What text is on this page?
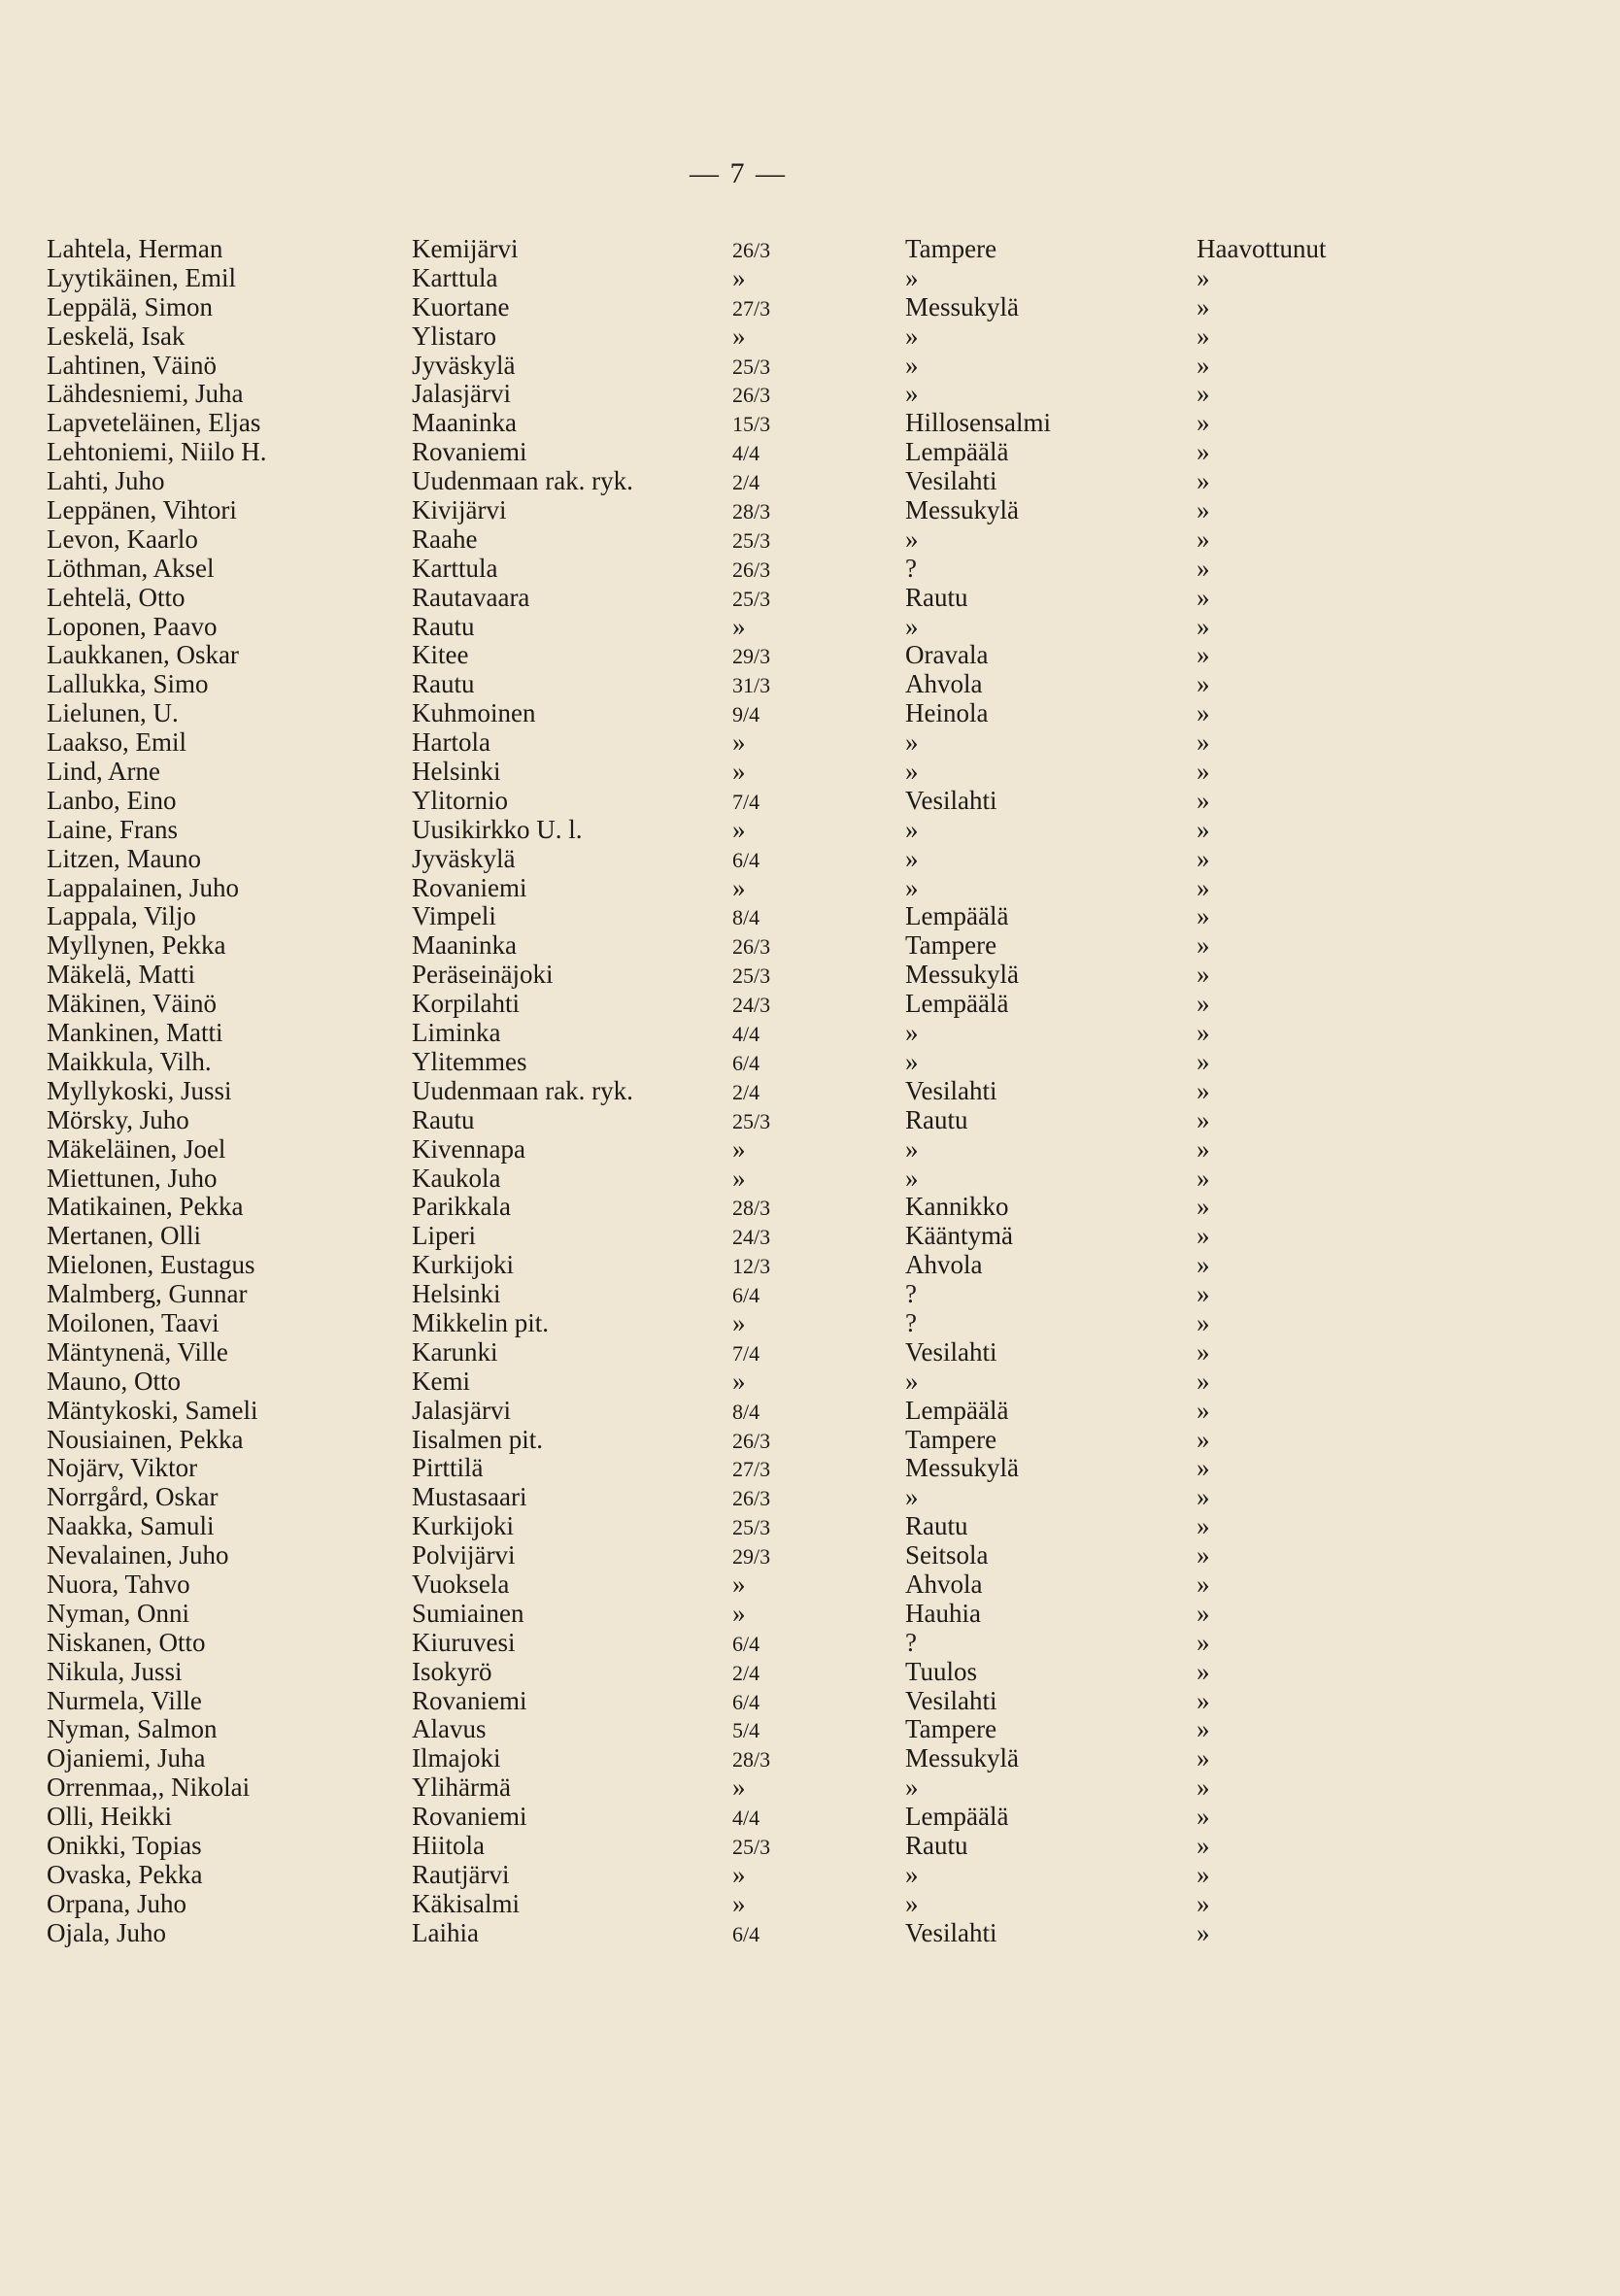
— 7 —
Lahtela, Herman	Kemijärvi	26/3	Tampere	Haavottunut
Lyytikäinen, Emil	Karttula	»	»	»
Leppälä, Simon	Kuortane	27/3	Messukylä	»
Leskelä, Isak	Ylistaro	»	»	»
Lahtinen, Väinö	Jyväskylä	25/3	»	»
Lähdesniemi, Juha	Jalasjärvi	26/3	»	»
Lapveteläinen, Eljas	Maaninka	15/3	Hillosensalmi	»
Lehtoniemi, Niilo H.	Rovaniemi	4/4	Lempäälä	»
Lahti, Juho	Uudenmaan rak. ryk.	2/4	Vesilahti	»
Leppänen, Vihtori	Kivijärvi	28/3	Messukylä	»
Levon, Kaarlo	Raahe	25/3	»	»
Löthman, Aksel	Karttula	26/3	?	»
Lehtelä, Otto	Rautavaara	25/3	Rautu	»
Loponen, Paavo	Rautu	»	»	»
Laukkanen, Oskar	Kitee	29/3	Oravala	»
Lallukka, Simo	Rautu	31/3	Ahvola	»
Lielunen, U.	Kuhmoinen	9/4	Heinola	»
Laakso, Emil	Hartola	»	»	»
Lind, Arne	Helsinki	»	»	»
Lanbo, Eino	Ylitornio	7/4	Vesilahti	»
Laine, Frans	Uusikirkko U. l.	»	»	»
Litzen, Mauno	Jyväskylä	6/4	»	»
Lappalainen, Juho	Rovaniemi	»	»	»
Lappala, Viljo	Vimpeli	8/4	Lempäälä	»
Myllynen, Pekka	Maaninka	26/3	Tampere	»
Mäkelä, Matti	Peräseinäjoki	25/3	Messukylä	»
Mäkinen, Väinö	Korpilahti	24/3	Lempäälä	»
Mankinen, Matti	Liminka	4/4	»	»
Maikkula, Vilh.	Ylitemmes	6/4	»	»
Myllykoski, Jussi	Uudenmaan rak. ryk.	2/4	Vesilahti	»
Mörsky, Juho	Rautu	25/3	Rautu	»
Mäkeläinen, Joel	Kivennapa	»	»	»
Miettunen, Juho	Kaukola	»	»	»
Matikainen, Pekka	Parikkala	28/3	Kannikko	»
Mertanen, Olli	Liperi	24/3	Kääntymä	»
Mielonen, Eustagus	Kurkijoki	12/3	Ahvola	»
Malmberg, Gunnar	Helsinki	6/4	?	»
Moilonen, Taavi	Mikkelin pit.	»	?	»
Mäntynenä, Ville	Karunki	7/4	Vesilahti	»
Mauno, Otto	Kemi	»	»	»
Mäntykoski, Sameli	Jalasjärvi	8/4	Lempäälä	»
Nousiainen, Pekka	Iisalmen pit.	26/3	Tampere	»
Nojärv, Viktor	Pirttilä	27/3	Messukylä	»
Norrgård, Oskar	Mustasaari	26/3	»	»
Naakka, Samuli	Kurkijoki	25/3	Rautu	»
Nevalainen, Juho	Polvijärvi	29/3	Seitsola	»
Nuora, Tahvo	Vuoksela	»	Ahvola	»
Nyman, Onni	Sumiainen	»	Hauhia	»
Niskanen, Otto	Kiuruvesi	6/4	?	»
Nikula, Jussi	Isokyrö	2/4	Tuulos	»
Nurmela, Ville	Rovaniemi	6/4	Vesilahti	»
Nyman, Salmon	Alavus	5/4	Tampere	»
Ojaniemi, Juha	Ilmajoki	28/3	Messukylä	»
Orrenmaa,, Nikolai	Ylihärmä	»	»	»
Olli, Heikki	Rovaniemi	4/4	Lempäälä	»
Onikki, Topias	Hiitola	25/3	Rautu	»
Ovaska, Pekka	Rautjärvi	»	»	»
Orpana, Juho	Käkisalmi	»	»	»
Ojala, Juho	Laihia	6/4	Vesilahti	»
